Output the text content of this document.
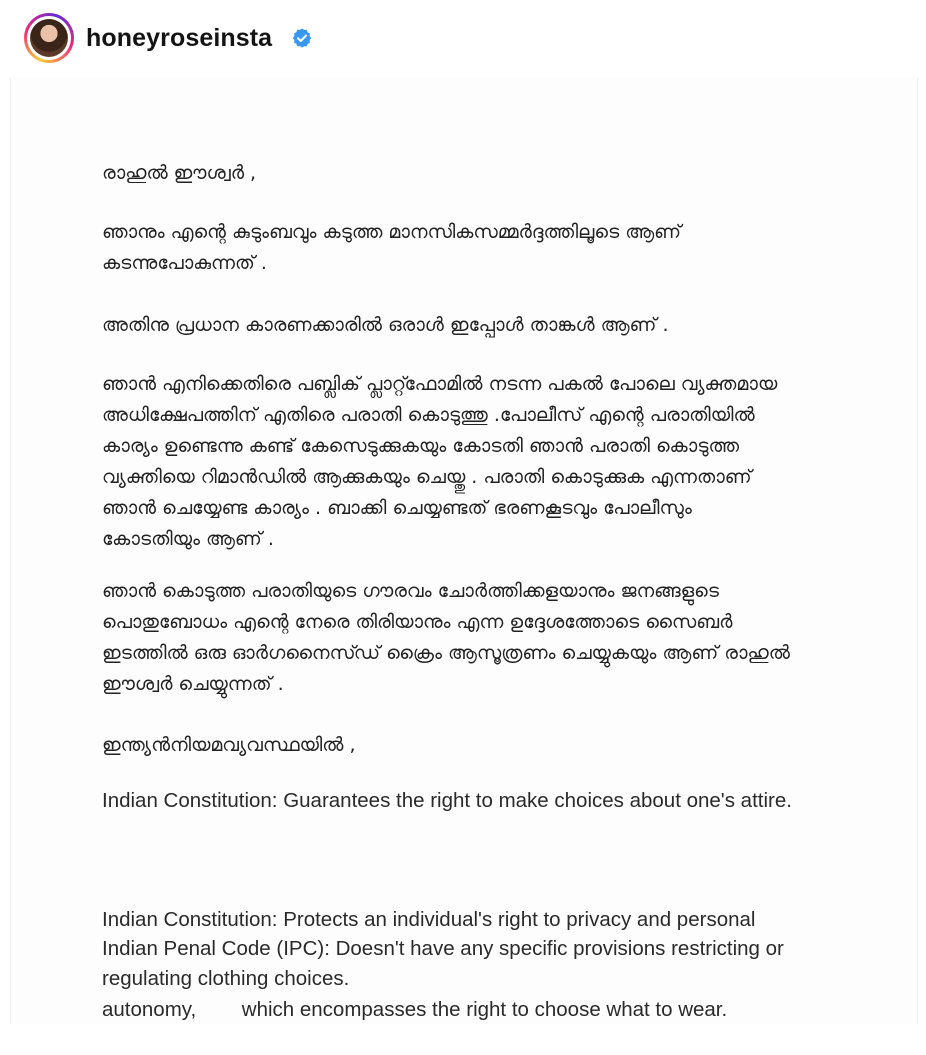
honeyroseinsta

രാഹുൽ ഈശ്വർ ,

ഞാനും എന്റെ കുടുംബവും കടുത്ത മാനസികസമ്മർദ്ദത്തിലൂടെ ആണ്
കടന്നുപോകുന്നത് .

അതിനു പ്രധാന കാരണക്കാരിൽ ഒരാൾ ഇപ്പോൾ താങ്കൾ ആണ് .

ഞാൻ എനിക്കെതിരെ പബ്ലിക് പ്ലാറ്റ്ഫോമിൽ നടന്ന പകൽ പോലെ വ്യക്തമായ
അധിക്ഷേപത്തിന് എതിരെ പരാതി കൊടുത്തു .പോലീസ് എന്റെ പരാതിയിൽ
കാര്യം ഉണ്ടെന്നു കണ്ട് കേസെടുക്കുകയും കോടതി ഞാൻ പരാതി കൊടുത്ത
വ്യക്തിയെ റിമാൻഡിൽ ആക്കുകയും ചെയ്തു . പരാതി കൊടുക്കുക എന്നതാണ്
ഞാൻ ചെയ്യേണ്ട കാര്യം . ബാക്കി ചെയ്യണ്ടത് ഭരണകൂടവും പോലീസും
കോടതിയും ആണ് .

ഞാൻ കൊടുത്ത പരാതിയുടെ ഗൗരവം ചോർത്തിക്കളയാനും ജനങ്ങളുടെ
പൊതുബോധം എന്റെ നേരെ തിരിയാനും എന്ന ഉദ്ദേശത്തോടെ സൈബർ
ഇടത്തിൽ ഒരു ഓർഗനൈസ്ഡ് ക്രൈം ആസൂത്രണം ചെയ്യുകയും ആണ് രാഹുൽ
ഈശ്വർ ചെയ്യുന്നത് .

ഇന്ത്യൻനിയമവ്യവസ്ഥയിൽ ,

Indian Constitution: Guarantees the right to make choices about one's attire.

Indian Constitution: Protects an individual's right to privacy and personal

autonomy,        which encompasses the right to choose what to wear.

Indian Penal Code (IPC): Doesn't have any specific provisions restricting or
regulating clothing choices.
